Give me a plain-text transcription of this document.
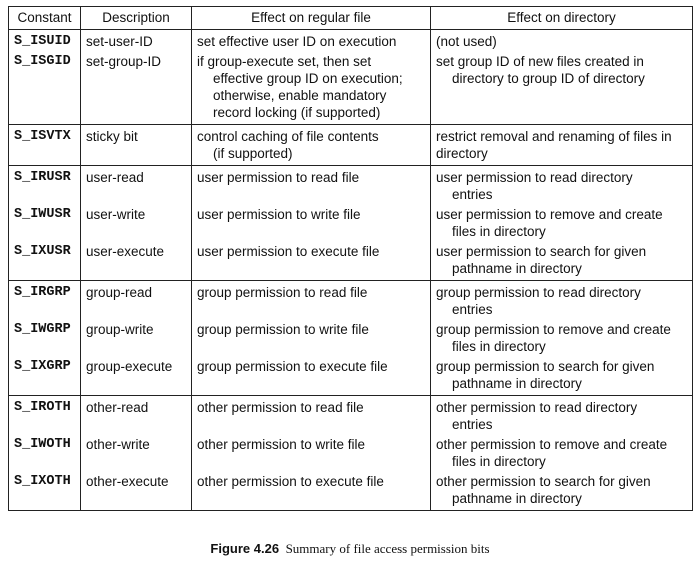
Constant	Description	Effect on regular file	Effect on directory
S_ISUID	set-user-ID	set effective user ID on execution	(not used)

S_ISGID	set-group-ID	if group-execute set, then set
effective group ID on execution;
otherwise, enable mandatory
record locking (if supported)	set group ID of new files created in
directory to group ID of directory

S_ISVTX	sticky bit	control caching of file contents
(if supported)	restrict removal and renaming of files in
directory

S_IRUSR	user-read	user permission to read file	user permission to read directory
entries

S_IWUSR	user-write	user permission to write file	user permission to remove and create
files in directory

S_IXUSR	user-execute	user permission to execute file	user permission to search for given
pathname in directory

S_IRGRP	group-read	group permission to read file	group permission to read directory
entries

S_IWGRP	group-write	group permission to write file	group permission to remove and create
files in directory

S_IXGRP	group-execute	group permission to execute file	group permission to search for given
pathname in directory

S_IROTH	other-read	other permission to read file	other permission to read directory
entries

S_IWOTH	other-write	other permission to write file	other permission to remove and create
files in directory

S_IXOTH	other-execute	other permission to execute file	other permission to search for given
pathname in directory
Figure 4.26 Summary of file access permission bits
